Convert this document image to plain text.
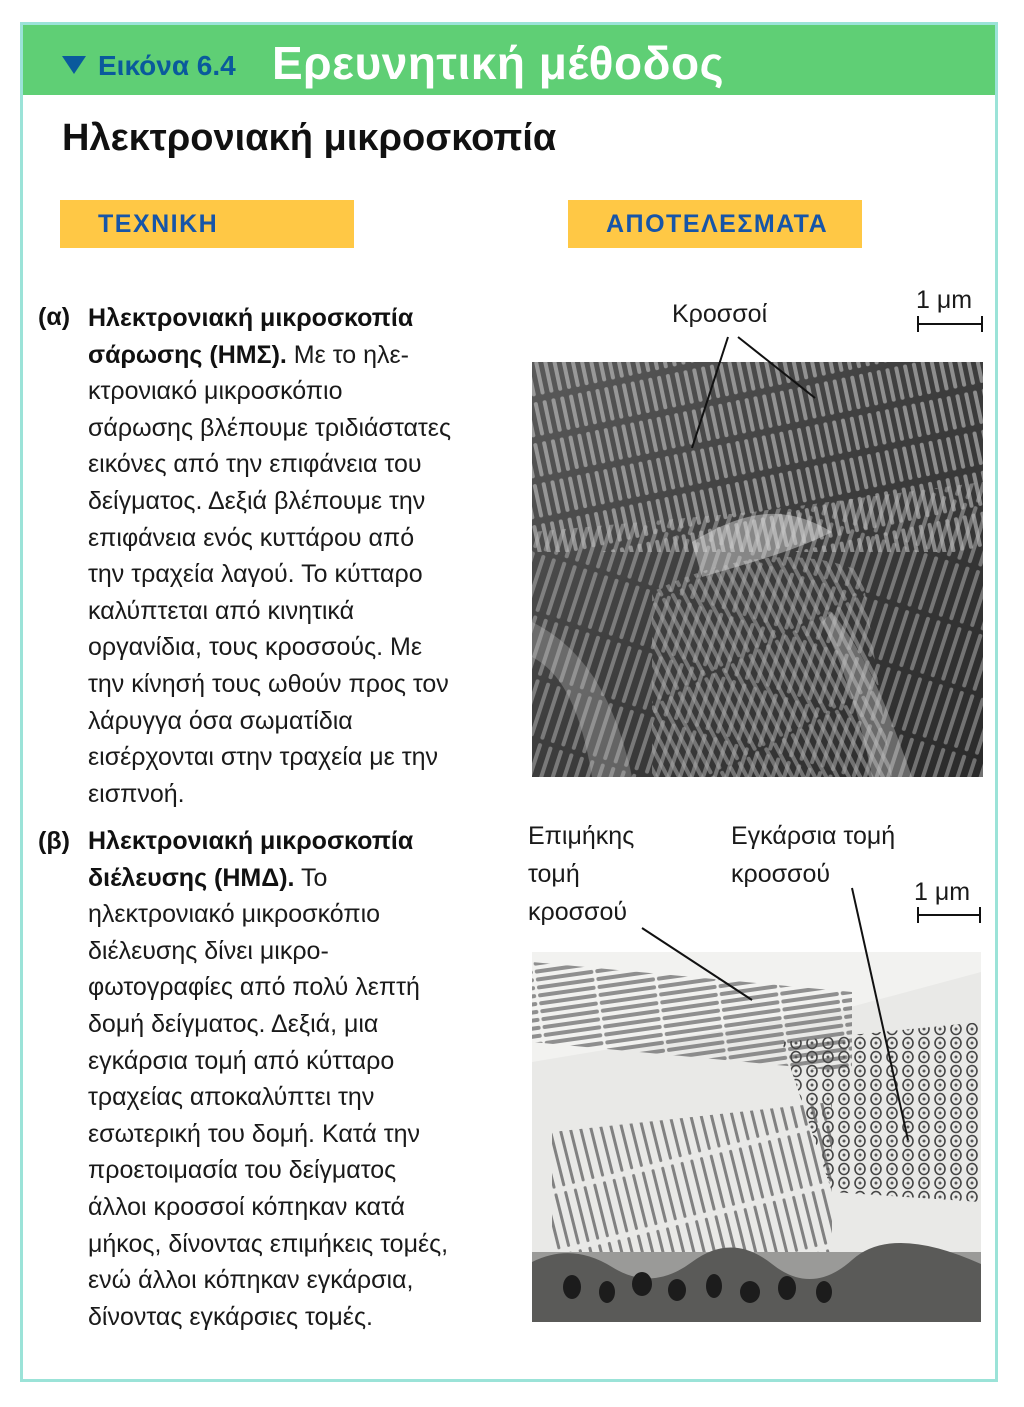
Εικόνα 6.4 Ερευνητική μέθοδος
Ηλεκτρονιακή μικροσκοπία
ΤΕΧΝΙΚΗ	ΑΠΟΤΕΛΕΣΜΑΤΑ
(α) Ηλεκτρονιακή μικροσκοπία
σάρωσης (ΗΜΣ). Με το ηλε-
κτρονιακό μικροσκόπιο
σάρωσης βλέπουμε τριδιάστατες
εικόνες από την επιφάνεια του
δείγματος. Δεξιά βλέπουμε την
επιφάνεια ενός κυττάρου από
την τραχεία λαγού. Το κύτταρο
καλύπτεται από κινητικά
οργανίδια, τους κροσσούς. Με
την κίνησή τους ωθούν προς τον
λάρυγγα όσα σωματίδια
εισέρχονται στην τραχεία με την
εισπνοή.
(β) Ηλεκτρονιακή μικροσκοπία
διέλευσης (ΗΜΔ). Το
ηλεκτρονιακό μικροσκόπιο
διέλευσης δίνει μικρο-
φωτογραφίες από πολύ λεπτή
δομή δείγματος. Δεξιά, μια
εγκάρσια τομή από κύτταρο
τραχείας αποκαλύπτει την
εσωτερική του δομή. Κατά την
προετοιμασία του δείγματος
άλλοι κροσσοί κόπηκαν κατά
μήκος, δίνοντας επιμήκεις τομές,
ενώ άλλοι κόπηκαν εγκάρσια,
δίνοντας εγκάρσιες τομές.
Κροσσοί	1 μm
Επιμήκης
τομή
κροσσού
Εγκάρσια τομή
κροσσού
1 μm
